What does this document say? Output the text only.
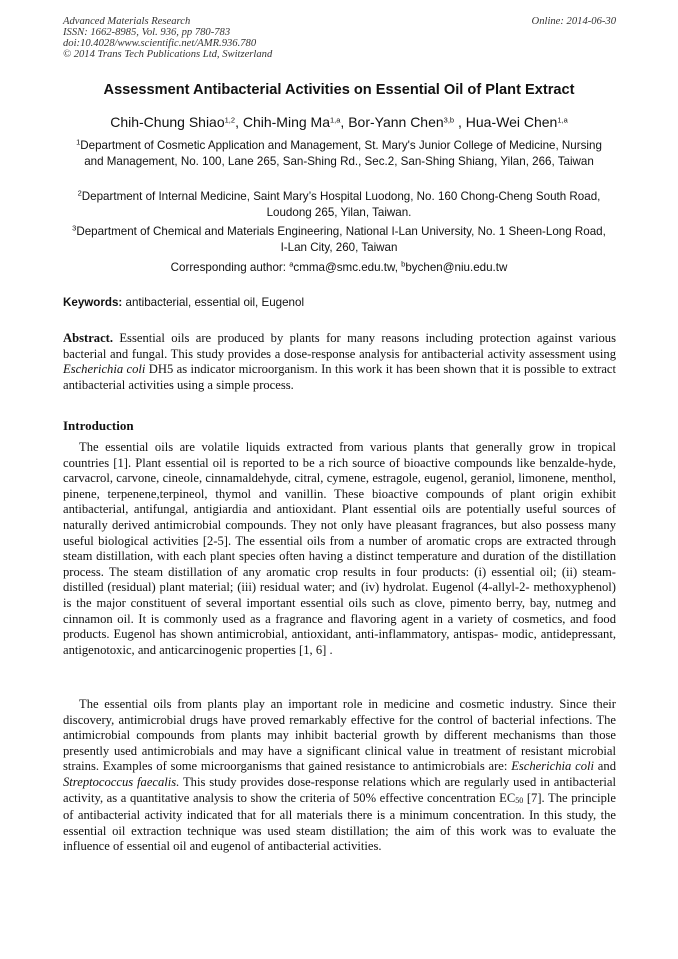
Advanced Materials Research
ISSN: 1662-8985, Vol. 936, pp 780-783
doi:10.4028/www.scientific.net/AMR.936.780
© 2014 Trans Tech Publications Ltd, Switzerland
Online: 2014-06-30
Assessment Antibacterial Activities on Essential Oil of Plant Extract
Chih-Chung Shiao$^{1,2}$, Chih-Ming Ma$^{1,a}$, Bor-Yann Chen$^{3,b}$ , Hua-Wei Chen$^{1,a}$
$^1$Department of Cosmetic Application and Management, St. Mary's Junior College of Medicine, Nursing and Management, No. 100, Lane 265, San-Shing Rd., Sec.2, San-Shing Shiang, Yilan, 266, Taiwan
$^2$Department of Internal Medicine, Saint Mary’s Hospital Luodong, No. 160 Chong-Cheng South Road, Loudong 265, Yilan, Taiwan.
$^3$Department of Chemical and Materials Engineering, National I-Lan University, No. 1 Sheen-Long Road, I-Lan City, 260, Taiwan
Corresponding author: $^a$cmma@smc.edu.tw, $^b$bychen@niu.edu.tw
Keywords: antibacterial, essential oil, Eugenol
Abstract. Essential oils are produced by plants for many reasons including protection against various bacterial and fungal. This study provides a dose-response analysis for antibacterial activity assessment using Escherichia coli DH5 as indicator microorganism. In this work it has been shown that it is possible to extract antibacterial activities using a simple process.
Introduction
The essential oils are volatile liquids extracted from various plants that generally grow in tropical countries [1]. Plant essential oil is reported to be a rich source of bioactive compounds like benzalde-hyde, carvacrol, carvone, cineole, cinnamaldehyde, citral, cymene, estragole, eugenol, geraniol, limonene, menthol, pinene, terpenene,terpineol, thymol and vanillin. These bioactive compounds of plant origin exhibit antibacterial, antifungal, antigiardia and antioxidant. Plant essential oils are potentially useful sources of naturally derived antimicrobial compounds. They not only have pleasant fragrances, but also possess many useful biological activities [2-5]. The essential oils from a number of aromatic crops are extracted through steam distillation, with each plant species often having a distinct temperature and duration of the distillation process. The steam distillation of any aromatic crop results in four products: (i) essential oil; (ii) steam-distilled (residual) plant material; (iii) residual water; and (iv) hydrolat. Eugenol (4-allyl-2- methoxyphenol) is the major constituent of several important essential oils such as clove, pimento berry, bay, nutmeg and cinnamon oil. It is commonly used as a fragrance and flavoring agent in a variety of cosmetics, and food products. Eugenol has shown antimicrobial, antioxidant, anti-inflammatory, antispas- modic, antidepressant, antigenotoxic, and anticarcinogenic properties [1, 6] .
The essential oils from plants play an important role in medicine and cosmetic industry. Since their discovery, antimicrobial drugs have proved remarkably effective for the control of bacterial infections. The antimicrobial compounds from plants may inhibit bacterial growth by different mechanisms than those presently used antimicrobials and may have a significant clinical value in treatment of resistant microbial strains. Examples of some microorganisms that gained resistance to antimicrobials are: Escherichia coli and Streptococcus faecalis. This study provides dose-response relations which are regularly used in antibacterial activity, as a quantitative analysis to show the criteria of 50% effective concentration EC50 [7]. The principle of antibacterial activity indicated that for all materials there is a minimum concentration. In this study, the essential oil extraction technique was used steam distillation; the aim of this work was to evaluate the influence of essential oil and eugenol of antibacterial activities.
